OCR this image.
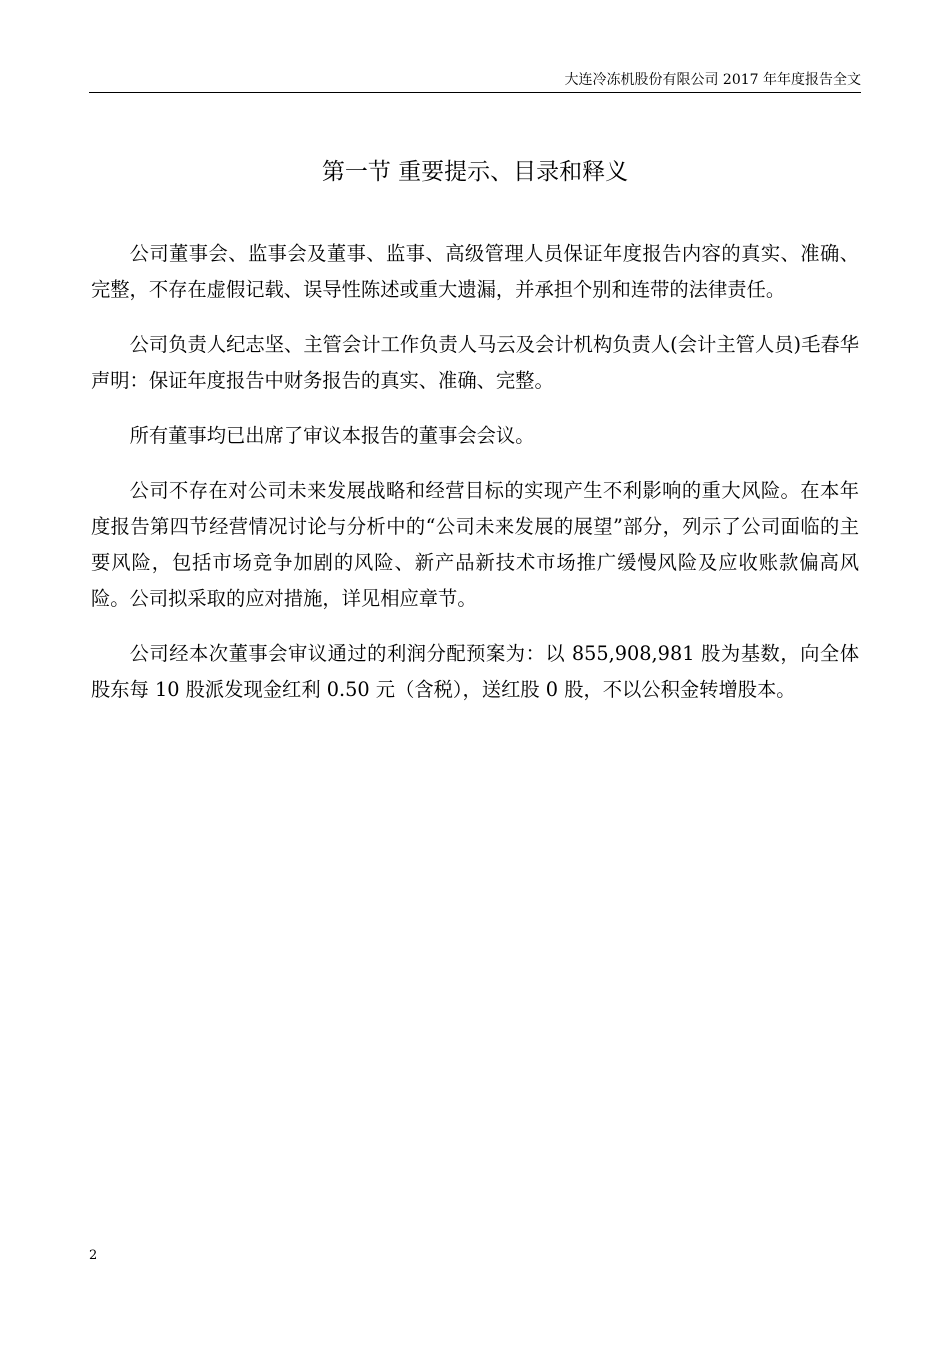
大连冷冻机股份有限公司 2017 年年度报告全文
第一节 重要提示、目录和释义

公司董事会、监事会及董事、监事、高级管理人员保证年度报告内容的真实、准确、完整，不存在虚假记载、误导性陈述或重大遗漏，并承担个别和连带的法律责任。

公司负责人纪志坚、主管会计工作负责人马云及会计机构负责人(会计主管人员)毛春华声明：保证年度报告中财务报告的真实、准确、完整。

所有董事均已出席了审议本报告的董事会会议。

公司不存在对公司未来发展战略和经营目标的实现产生不利影响的重大风险。在本年度报告第四节经营情况讨论与分析中的“公司未来发展的展望”部分，列示了公司面临的主要风险，包括市场竞争加剧的风险、新产品新技术市场推广缓慢风险及应收账款偏高风险。公司拟采取的应对措施，详见相应章节。

公司经本次董事会审议通过的利润分配预案为：以 855,908,981 股为基数，向全体股东每 10 股派发现金红利 0.50 元（含税），送红股 0 股，不以公积金转增股本。

2
